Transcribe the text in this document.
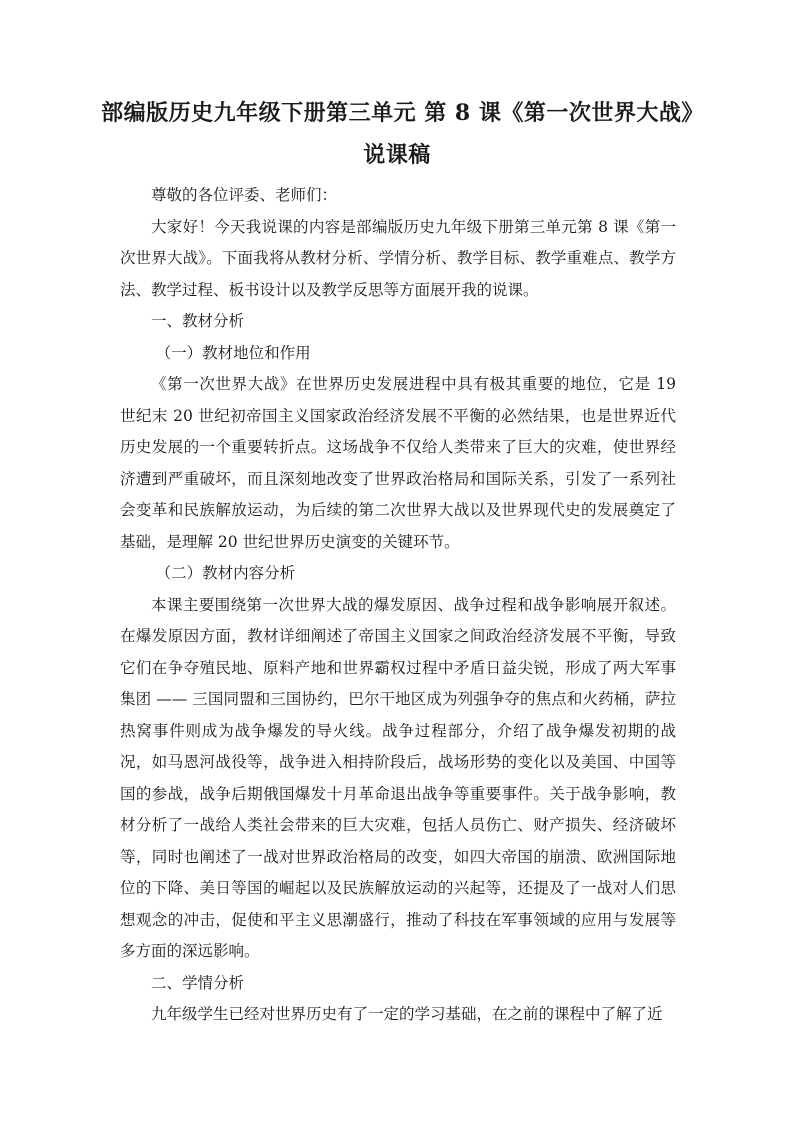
部编版历史九年级下册第三单元 第 8 课《第一次世界大战》说课稿

尊敬的各位评委、老师们：

大家好！今天我说课的内容是部编版历史九年级下册第三单元第 8 课《第一次世界大战》。下面我将从教材分析、学情分析、教学目标、教学重难点、教学方法、教学过程、板书设计以及教学反思等方面展开我的说课。

一、教材分析

（一）教材地位和作用

《第一次世界大战》在世界历史发展进程中具有极其重要的地位，它是 19 世纪末 20 世纪初帝国主义国家政治经济发展不平衡的必然结果，也是世界近代历史发展的一个重要转折点。这场战争不仅给人类带来了巨大的灾难，使世界经济遭到严重破坏，而且深刻地改变了世界政治格局和国际关系，引发了一系列社会变革和民族解放运动，为后续的第二次世界大战以及世界现代史的发展奠定了基础，是理解 20 世纪世界历史演变的关键环节。

（二）教材内容分析

本课主要围绕第一次世界大战的爆发原因、战争过程和战争影响展开叙述。在爆发原因方面，教材详细阐述了帝国主义国家之间政治经济发展不平衡，导致它们在争夺殖民地、原料产地和世界霸权过程中矛盾日益尖锐，形成了两大军事集团 —— 三国同盟和三国协约，巴尔干地区成为列强争夺的焦点和火药桶，萨拉热窝事件则成为战争爆发的导火线。战争过程部分，介绍了战争爆发初期的战况，如马恩河战役等，战争进入相持阶段后，战场形势的变化以及美国、中国等国的参战，战争后期俄国爆发十月革命退出战争等重要事件。关于战争影响，教材分析了一战给人类社会带来的巨大灾难，包括人员伤亡、财产损失、经济破坏等，同时也阐述了一战对世界政治格局的改变，如四大帝国的崩溃、欧洲国际地位的下降、美日等国的崛起以及民族解放运动的兴起等，还提及了一战对人们思想观念的冲击，促使和平主义思潮盛行，推动了科技在军事领域的应用与发展等多方面的深远影响。

二、学情分析

九年级学生已经对世界历史有了一定的学习基础，在之前的课程中了解了近
